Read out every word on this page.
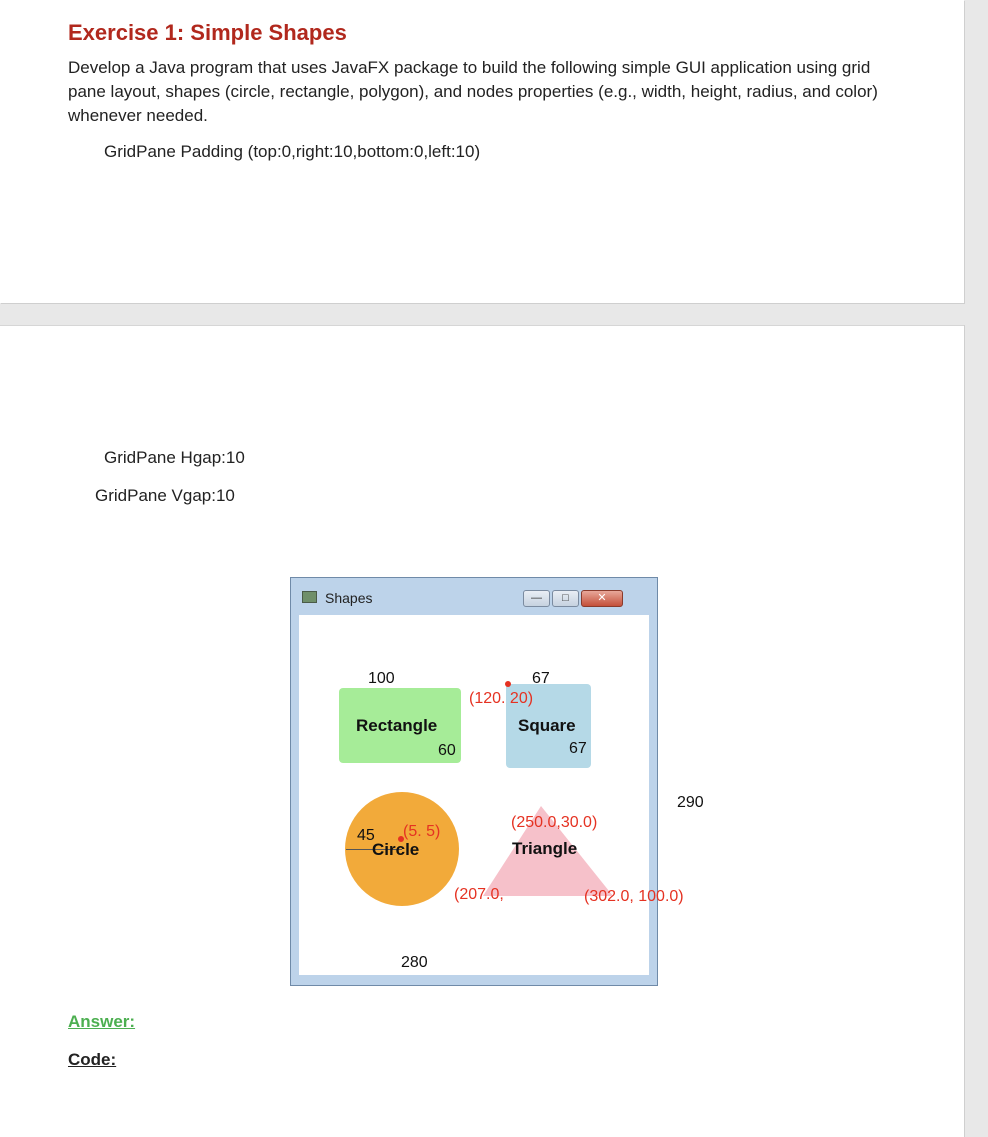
Exercise 1: Simple Shapes
Develop a Java program that uses JavaFX package to build the following simple GUI application using grid pane layout, shapes (circle, rectangle, polygon), and nodes properties (e.g., width, height, radius, and color) whenever needed.
GridPane Padding (top:0,right:10,bottom:0,left:10)
GridPane Hgap:10
GridPane Vgap:10
Shapes	—	□	✕
100
Rectangle
60
67
(120. 20)
Square
67
290
45 (5. 5)
Circle
(250.0,30.0)
Triangle
(207.0,	(302.0, 100.0)
280
Answer:
Code:
